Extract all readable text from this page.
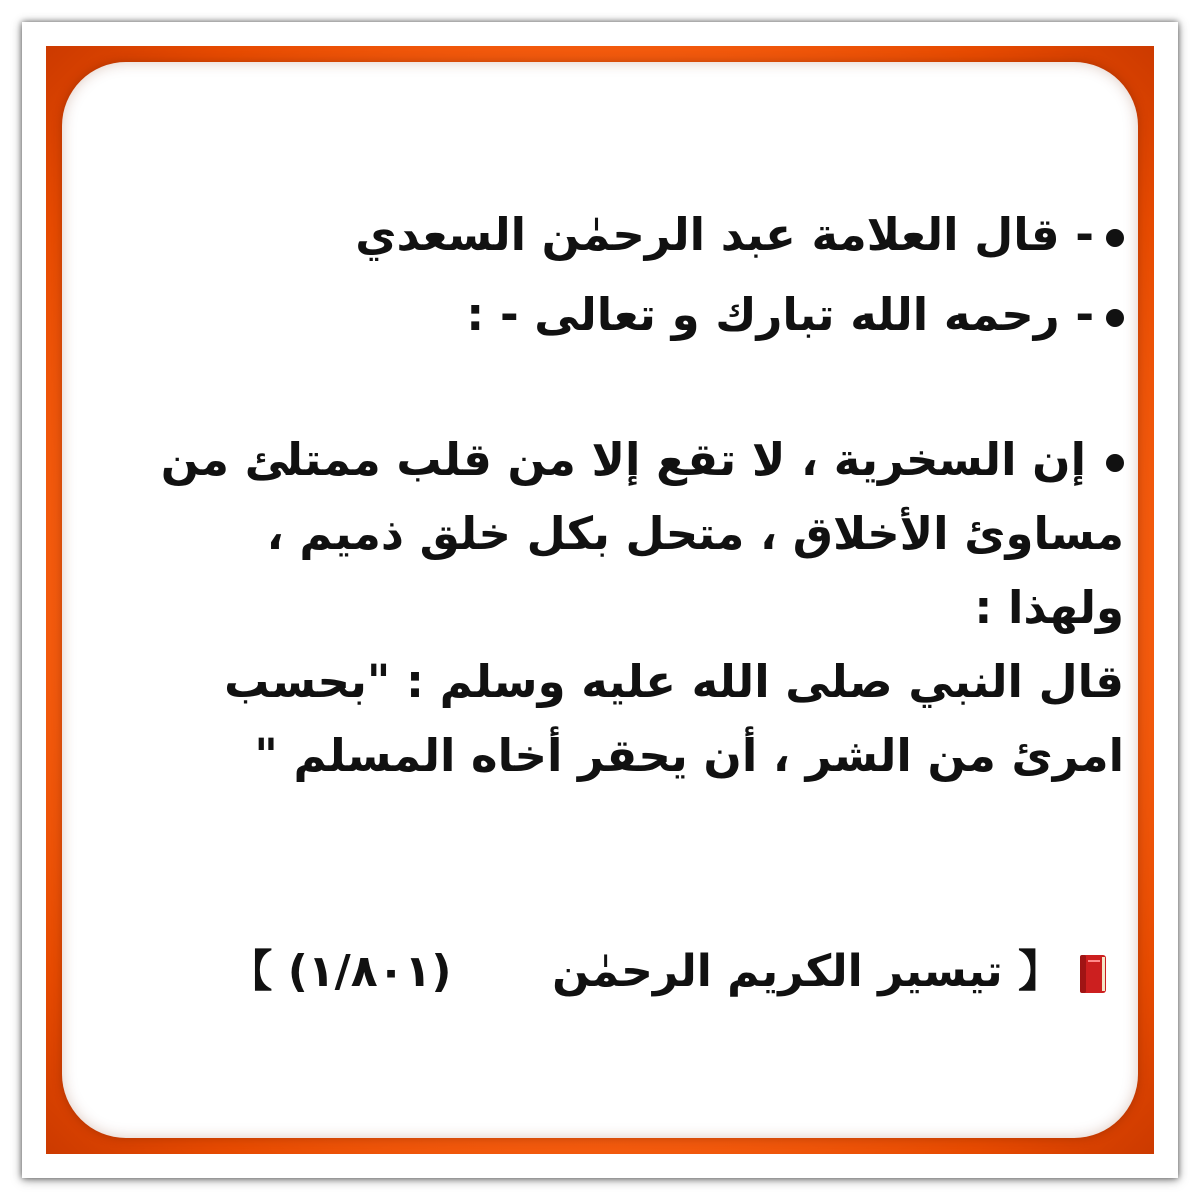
- قال العلامة عبد الرحمٰن السعدي
- رحمه الله تبارك و تعالى - :
إن السخرية ، لا تقع إلا من قلب ممتلئ من
مساوئ الأخلاق ، متحل بكل خلق ذميم ،
ولهذا :
قال النبي صلى الله عليه وسلم : "بحسب
امرئ من الشر ، أن يحقر أخاه المسلم "
【 تيسير الكريم الرحمٰن  (١/٨٠١) 】
